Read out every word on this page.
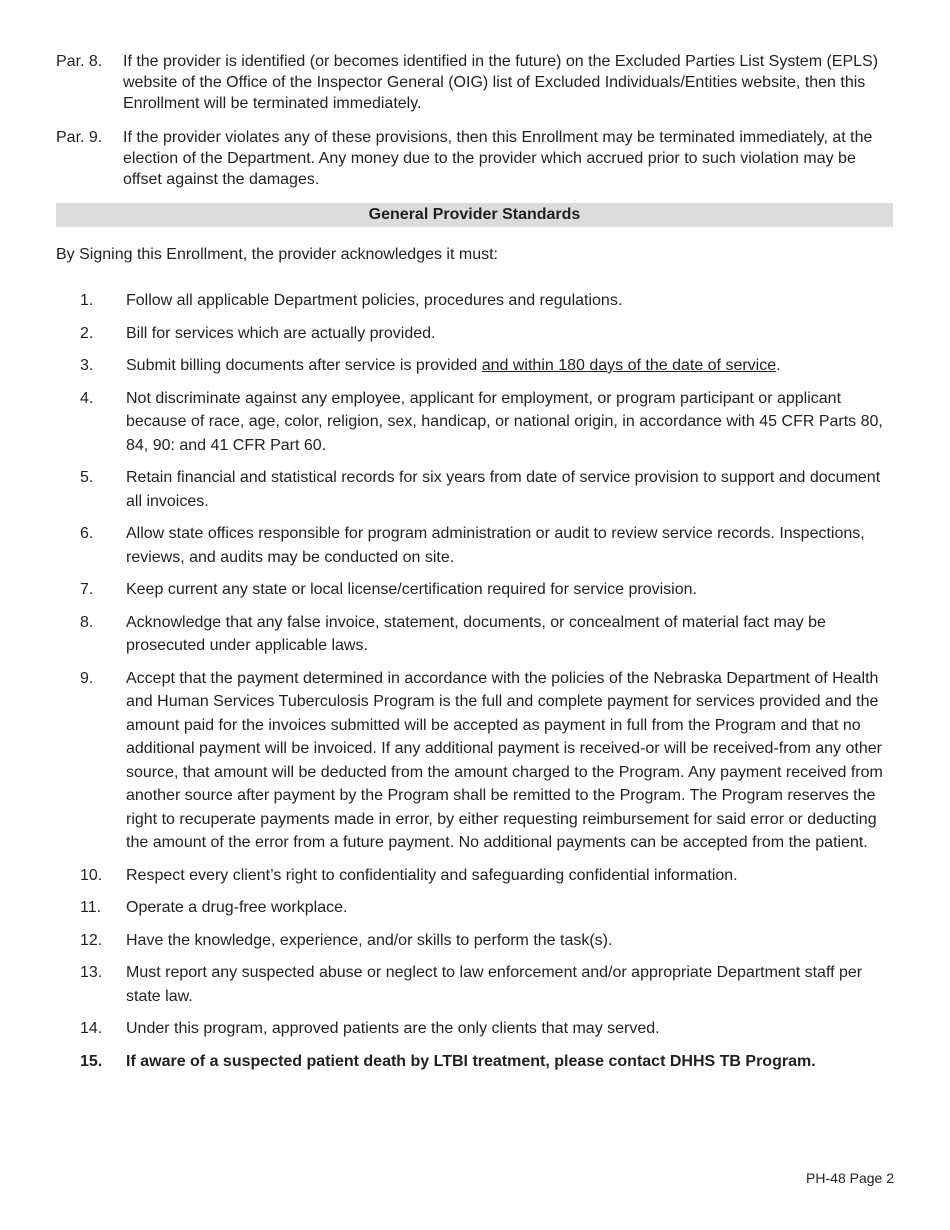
Par. 8.	If the provider is identified (or becomes identified in the future) on the Excluded Parties List System (EPLS) website of the Office of the Inspector General (OIG) list of Excluded Individuals/Entities website, then this Enrollment will be terminated immediately.
Par. 9.	If the provider violates any of these provisions, then this Enrollment may be terminated immediately, at the election of the Department. Any money due to the provider which accrued prior to such violation may be offset against the damages.
General Provider Standards
By Signing this Enrollment, the provider acknowledges it must:
1.	Follow all applicable Department policies, procedures and regulations.
2.	Bill for services which are actually provided.
3.	Submit billing documents after service is provided and within 180 days of the date of service.
4.	Not discriminate against any employee, applicant for employment, or program participant or applicant because of race, age, color, religion, sex, handicap, or national origin, in accordance with 45 CFR Parts 80, 84, 90: and 41 CFR Part 60.
5.	Retain financial and statistical records for six years from date of service provision to support and document all invoices.
6.	Allow state offices responsible for program administration or audit to review service records. Inspections, reviews, and audits may be conducted on site.
7.	Keep current any state or local license/certification required for service provision.
8.	Acknowledge that any false invoice, statement, documents, or concealment of material fact may be prosecuted under applicable laws.
9.	Accept that the payment determined in accordance with the policies of the Nebraska Department of Health and Human Services Tuberculosis Program is the full and complete payment for services provided and the amount paid for the invoices submitted will be accepted as payment in full from the Program and that no additional payment will be invoiced. If any additional payment is received-or will be received-from any other source, that amount will be deducted from the amount charged to the Program. Any payment received from another source after payment by the Program shall be remitted to the Program. The Program reserves the right to recuperate payments made in error, by either requesting reimbursement for said error or deducting the amount of the error from a future payment. No additional payments can be accepted from the patient.
10.	Respect every client’s right to confidentiality and safeguarding confidential information.
11.	Operate a drug-free workplace.
12.	Have the knowledge, experience, and/or skills to perform the task(s).
13.	Must report any suspected abuse or neglect to law enforcement and/or appropriate Department staff per state law.
14.	Under this program, approved patients are the only clients that may served.
15.	If aware of a suspected patient death by LTBI treatment, please contact DHHS TB Program.
PH-48 Page 2
